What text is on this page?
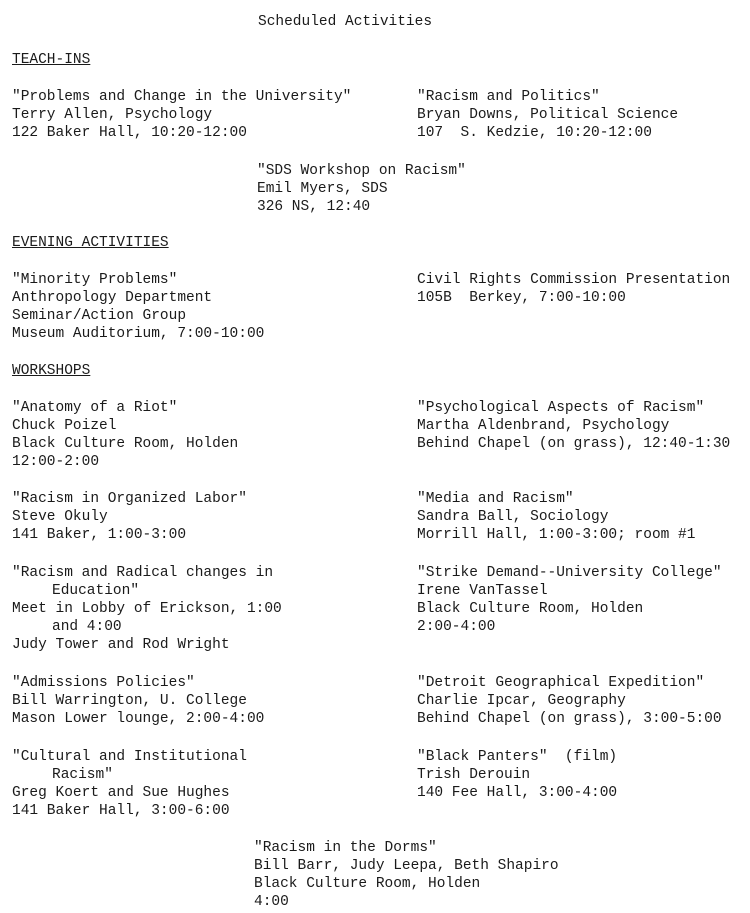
Scheduled Activities
TEACH-INS
"Problems and Change in the University"
Terry Allen, Psychology
122 Baker Hall, 10:20-12:00
"Racism and Politics"
Bryan Downs, Political Science
107  S. Kedzie, 10:20-12:00
"SDS Workshop on Racism"
Emil Myers, SDS
326 NS, 12:40
EVENING ACTIVITIES
"Minority Problems"
Anthropology Department
Seminar/Action Group
Museum Auditorium, 7:00-10:00
Civil Rights Commission Presentation
105B  Berkey, 7:00-10:00
WORKSHOPS
"Anatomy of a Riot"
Chuck Poizel
Black Culture Room, Holden
12:00-2:00
"Psychological Aspects of Racism"
Martha Aldenbrand, Psychology
Behind Chapel (on grass), 12:40-1:30
"Racism in Organized Labor"
Steve Okuly
141 Baker, 1:00-3:00
"Media and Racism"
Sandra Ball, Sociology
Morrill Hall, 1:00-3:00; room #1
"Racism and Radical changes in
Education"
Meet in Lobby of Erickson, 1:00
and 4:00
Judy Tower and Rod Wright
"Strike Demand--University College"
Irene VanTassel
Black Culture Room, Holden
2:00-4:00
"Admissions Policies"
Bill Warrington, U. College
Mason Lower lounge, 2:00-4:00
"Detroit Geographical Expedition"
Charlie Ipcar, Geography
Behind Chapel (on grass), 3:00-5:00
"Cultural and Institutional
Racism"
Greg Koert and Sue Hughes
141 Baker Hall, 3:00-6:00
"Black Panters"  (film)
Trish Derouin
140 Fee Hall, 3:00-4:00
"Racism in the Dorms"
Bill Barr, Judy Leepa, Beth Shapiro
Black Culture Room, Holden
4:00
